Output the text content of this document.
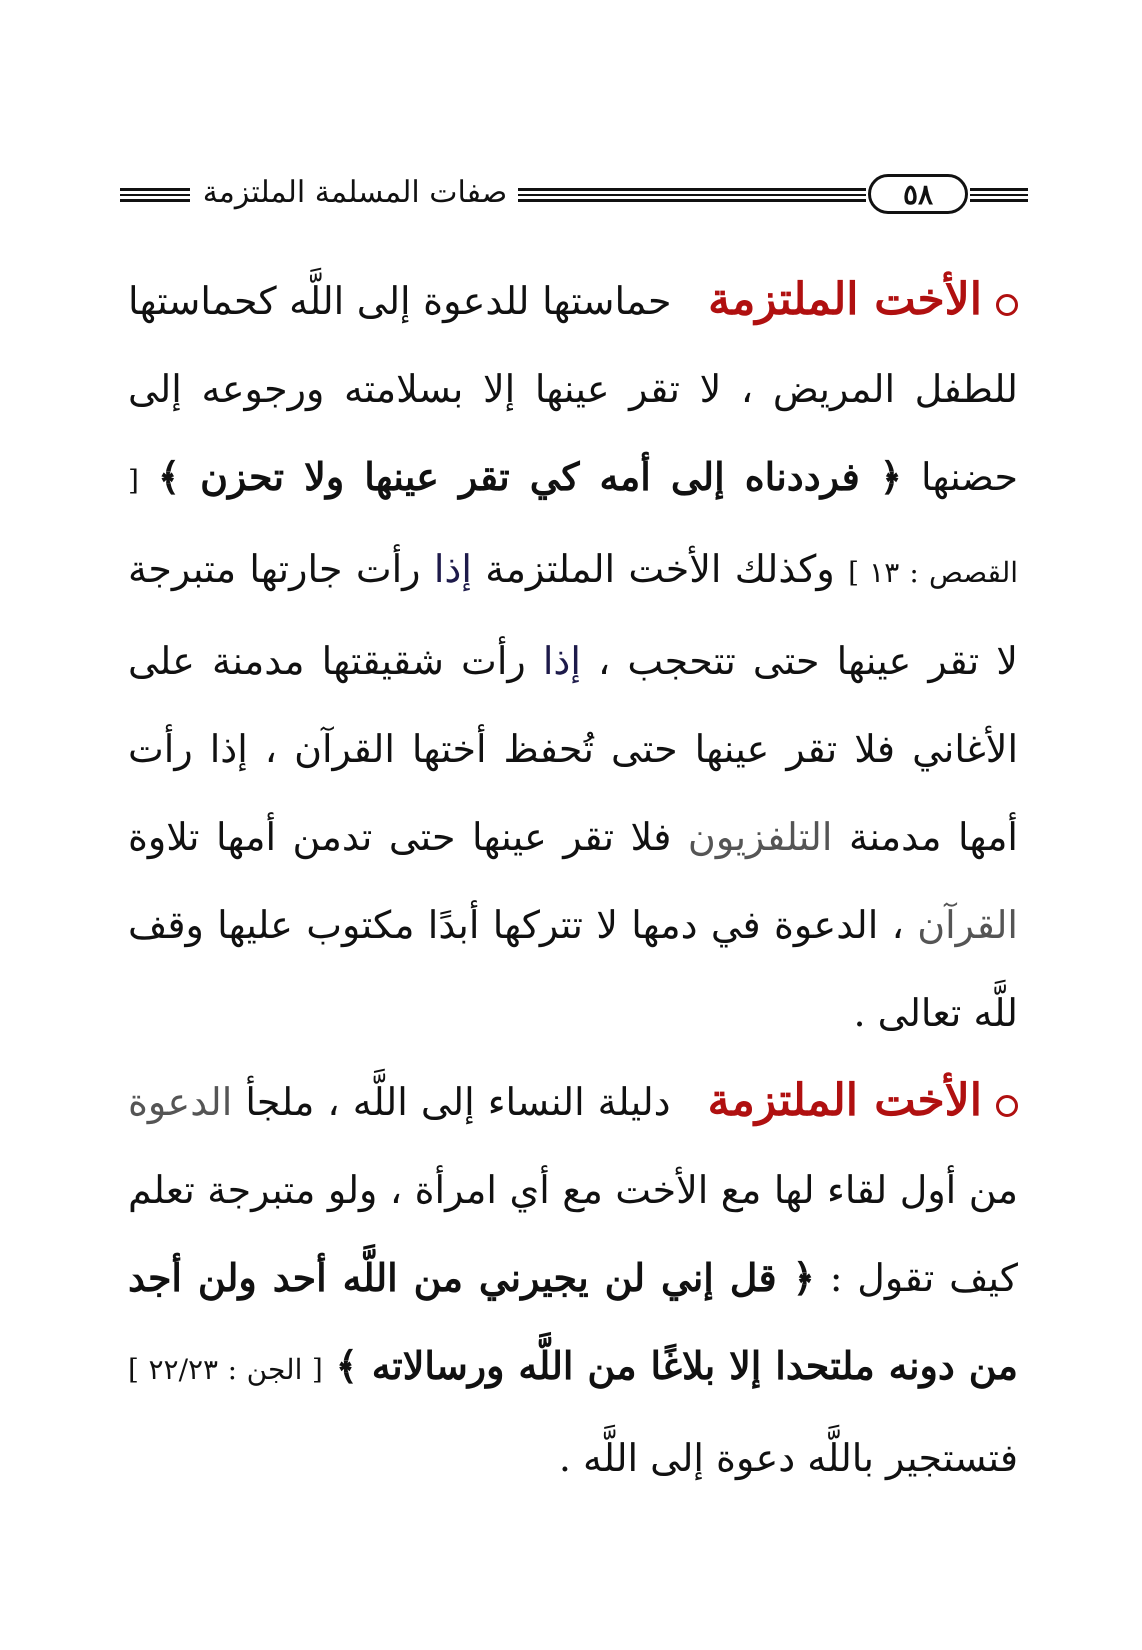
صفات المسلمة الملتزمة	٥٨

الأخت الملتزمة حماستها للدعوة إلى اللَّه كحماستها للطفل المريض ، لا تقر عينها إلا بسلامته ورجوعه إلى حضنها ﴿ فرددناه إلى أمه كي تقر عينها ولا تحزن ﴾ [ القصص : ١٣ ] وكذلك الأخت الملتزمة إذا رأت جارتها متبرجة لا تقر عينها حتى تتحجب ، إذا رأت شقيقتها مدمنة على الأغاني فلا تقر عينها حتى تُحفظ أختها القرآن ، إذا رأت أمها مدمنة التلفزيون فلا تقر عينها حتى تدمن أمها تلاوة القرآن ، الدعوة في دمها لا تتركها أبدًا مكتوب عليها وقف للَّه تعالى .

الأخت الملتزمة دليلة النساء إلى اللَّه ، ملجأ الدعوة من أول لقاء لها مع الأخت مع أي امرأة ، ولو متبرجة تعلم كيف تقول : ﴿ قل إني لن يجيرني من اللَّه أحد ولن أجد من دونه ملتحدا إلا بلاغًا من اللَّه ورسالاته ﴾ [ الجن : ٢٢/٢٣ ] فتستجير باللَّه دعوة إلى اللَّه .
